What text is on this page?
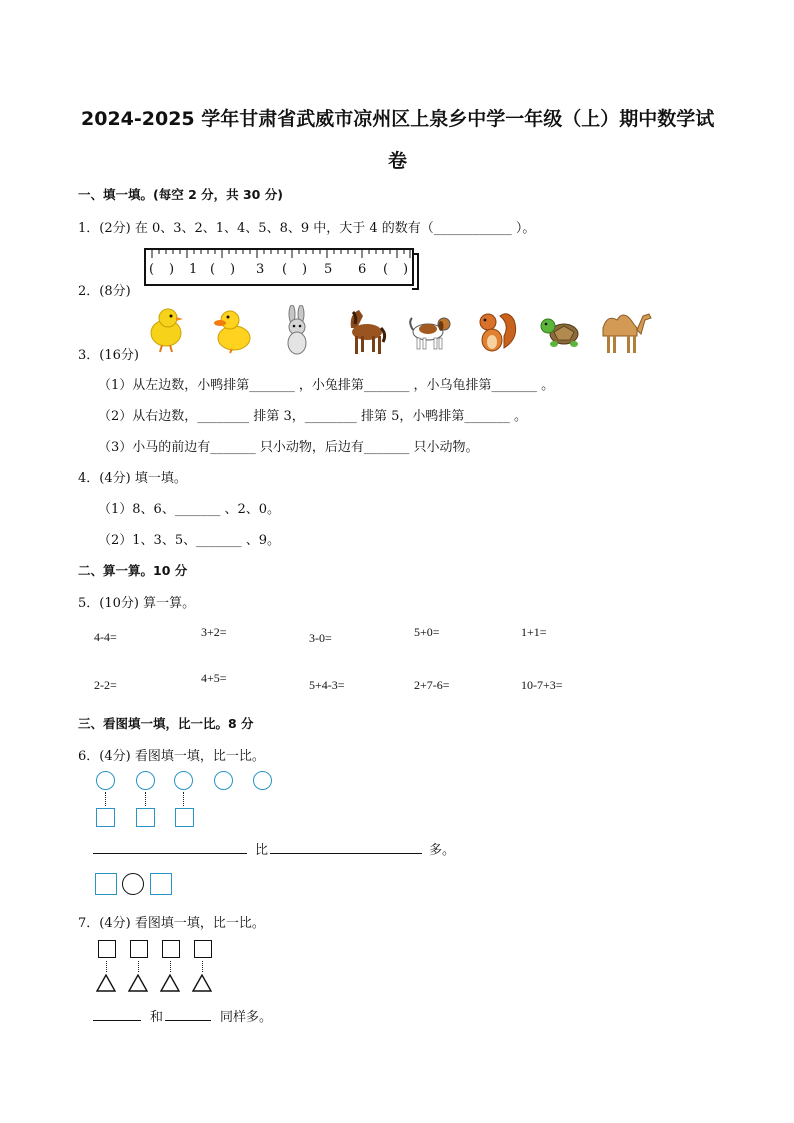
2024-2025 学年甘肃省武威市凉州区上泉乡中学一年级（上）期中数学试
卷
一、填一填。(每空 2 分，共 30 分)
1．(2分) 在 0、3、2、1、4、5、8、9 中，大于 4 的数有（____________ ）。
2．(8分)
( ) 1 ( ) 3 ( ) 5 6 ( )
3．(16分)
（1）从左边数，小鸭排第_______ ，小兔排第_______ ，小乌龟排第_______ 。
（2）从右边数，________ 排第 3，________ 排第 5，小鸭排第_______ 。
（3）小马的前边有_______ 只小动物，后边有_______ 只小动物。
4．(4分) 填一填。
（1）8、6、_______ 、2、0。
（2）1、3、5、_______ 、9。
二、算一算。10 分
5．(10分) 算一算。
4-4=	3+2=	3-0=	5+0=	1+1=
2-2=	4+5=	5+4-3=	2+7-6=	10-7+3=
三、看图填一填，比一比。8 分
6．(4分) 看图填一填，比一比。
比	多。
7．(4分) 看图填一填，比一比。
和	同样多。
